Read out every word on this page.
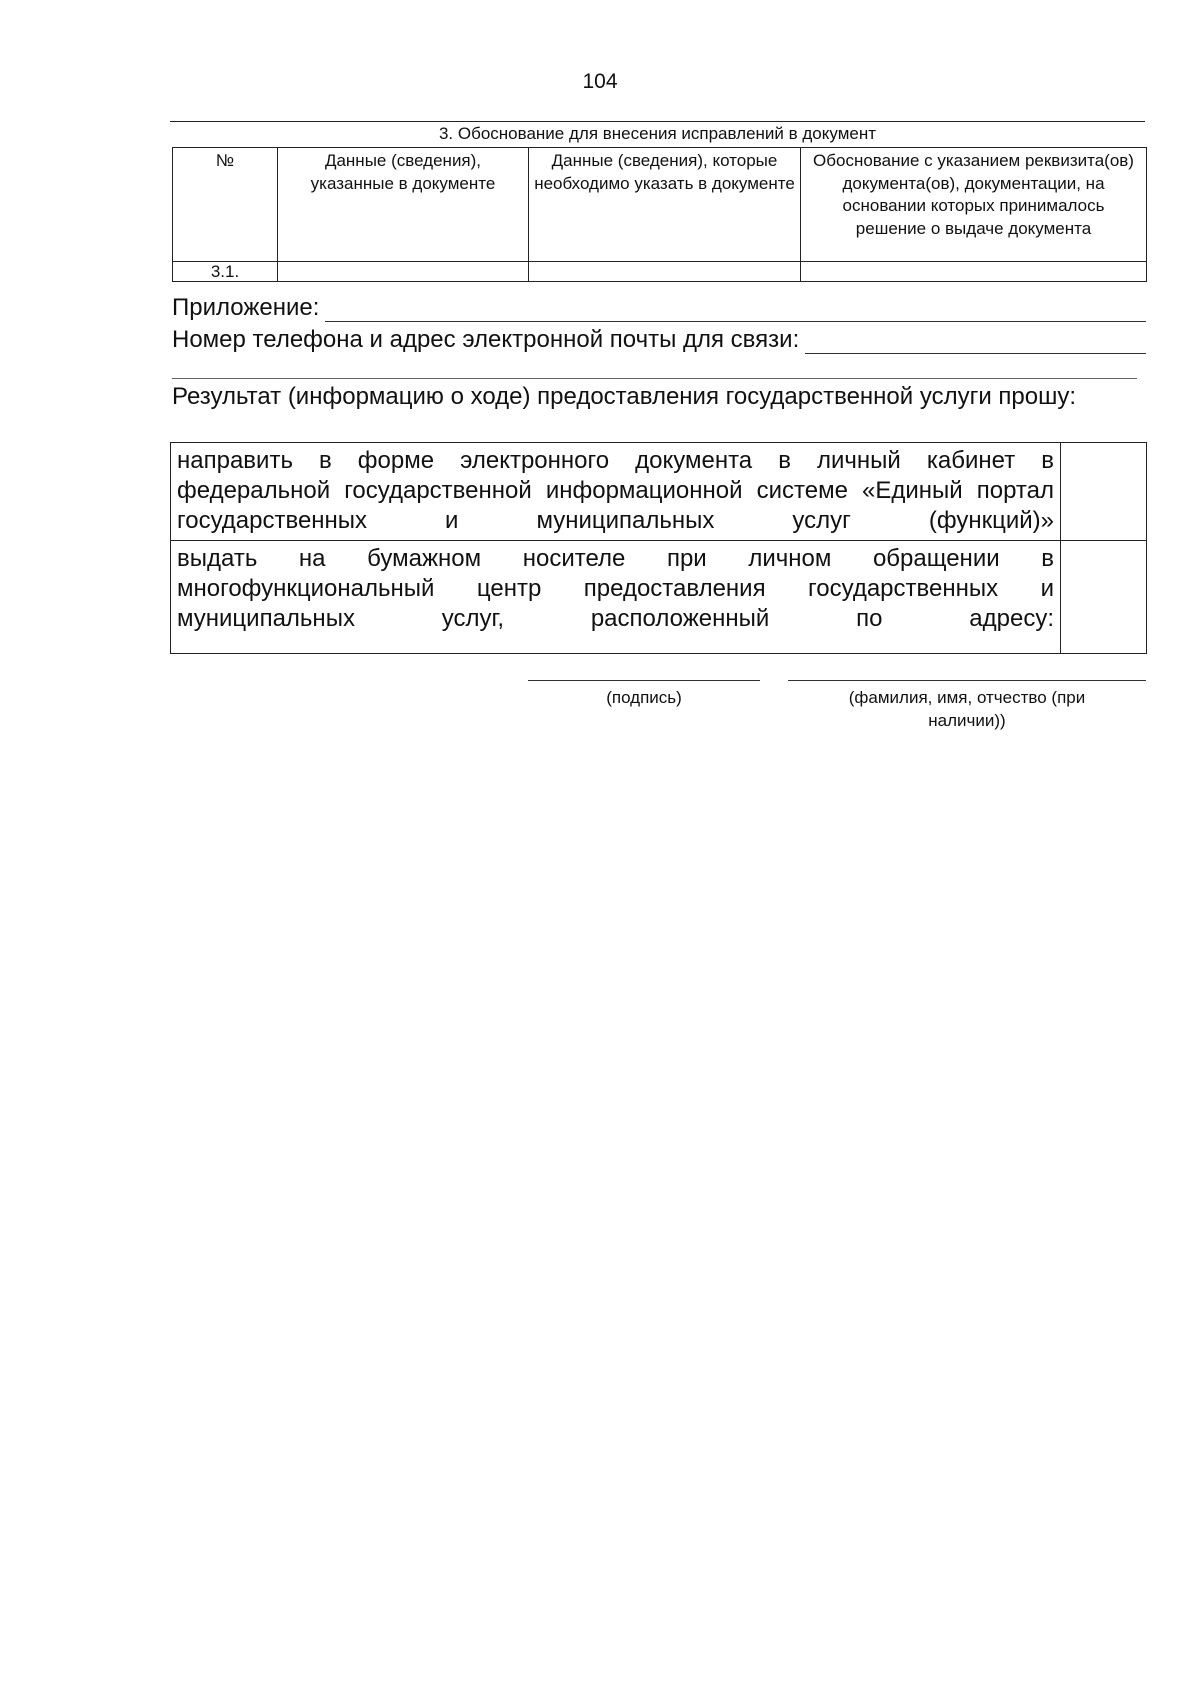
104
3. Обоснование для внесения исправлений в документ
№	Данные (сведения), указанные в документе	Данные (сведения), которые необходимо указать в документе	Обоснование с указанием реквизита(ов) документа(ов), документации, на основании которых принималось решение о выдаче документа
3.1.			
Приложение:
Номер телефона и адрес электронной почты для связи:
Результат (информацию о ходе) предоставления государственной услуги прошу:
направить в форме электронного документа в личный кабинет в федеральной государственной информационной системе «Единый портал государственных и муниципальных услуг (функций)»	
выдать на бумажном носителе при личном обращении в многофункциональный центр предоставления государственных и муниципальных услуг, расположенный по адресу:	
(подпись)	(фамилия, имя, отчество (при наличии))
